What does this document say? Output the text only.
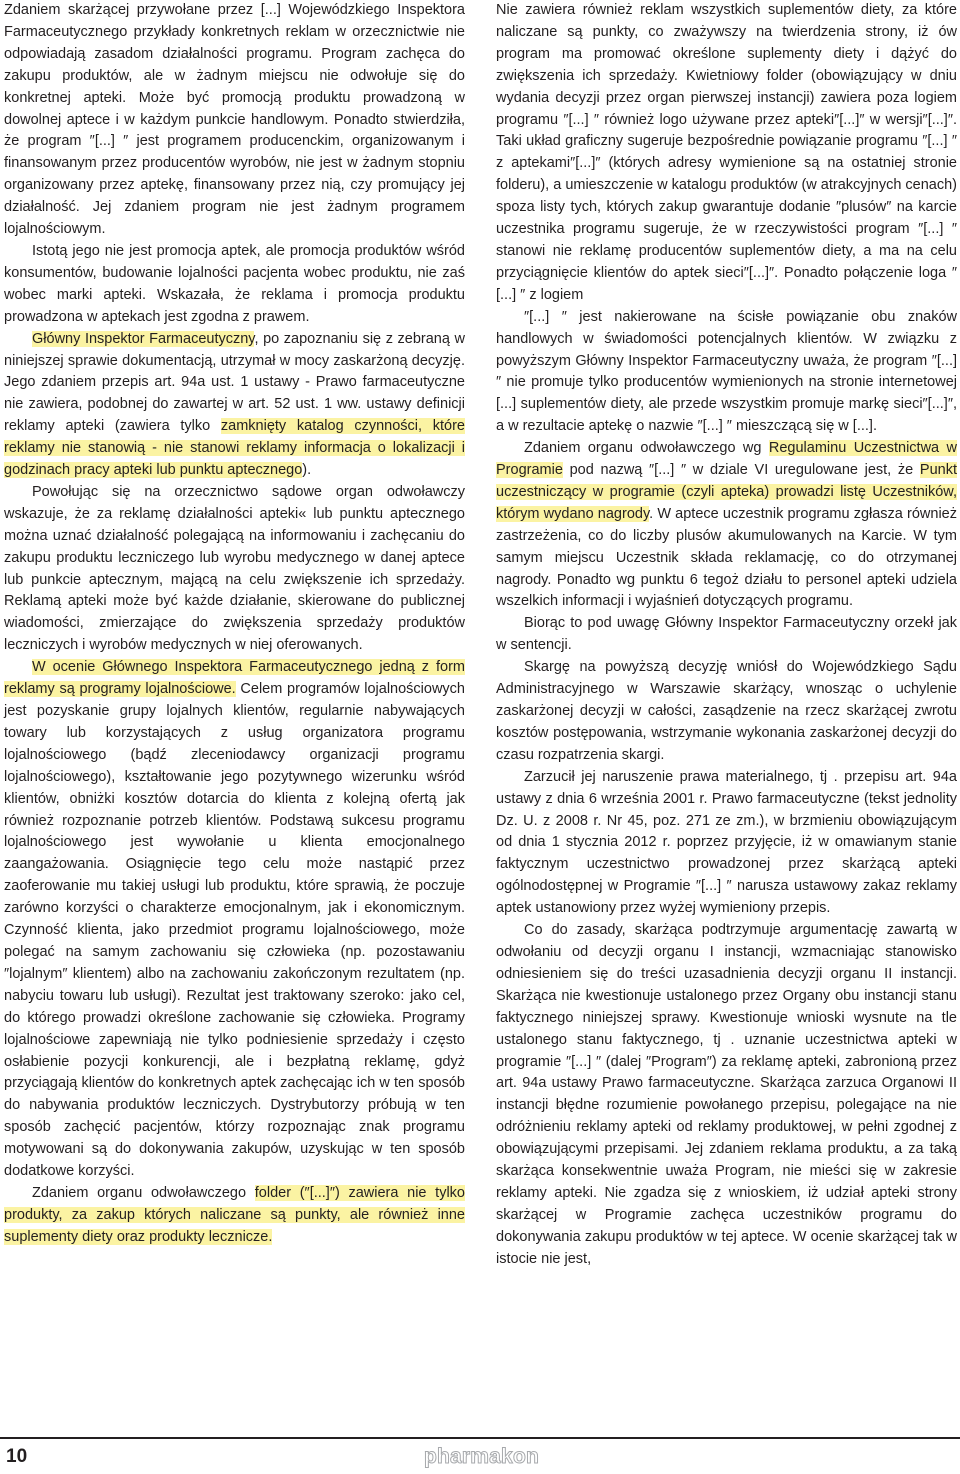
Zdaniem skarżącej przywołane przez [...] Wojewódzkiego Inspektora Farmaceutycznego przykłady konkretnych reklam w orzecznictwie nie odpowiadają zasadom działalności programu. Program zachęca do zakupu produktów, ale w żadnym miejscu nie odwołuje się do konkretnej apteki. Może być promocją produktu prowadzoną w dowolnej aptece i w każdym punkcie handlowym. Ponadto stwierdziła, że program ″[...] ″ jest programem producenckim, organizowanym i finansowanym przez producentów wyrobów, nie jest w żadnym stopniu organizowany przez aptekę, finansowany przez nią, czy promujący jej działalność. Jej zdaniem program nie jest żadnym programem lojalnościowym.

Istotą jego nie jest promocja aptek, ale promocja produktów wśród konsumentów, budowanie lojalności pacjenta wobec produktu, nie zaś wobec marki apteki. Wskazała, że reklama i promocja produktu prowadzona w aptekach jest zgodna z prawem.

Główny Inspektor Farmaceutyczny, po zapoznaniu się z zebraną w niniejszej sprawie dokumentacją, utrzymał w mocy zaskarżoną decyzję. Jego zdaniem przepis art. 94a ust. 1 ustawy - Prawo farmaceutyczne nie zawiera, podobnej do zawartej w art. 52 ust. 1 ww. ustawy definicji reklamy apteki (zawiera tylko zamknięty katalog czynności, które reklamy nie stanowią - nie stanowi reklamy informacja o lokalizacji i godzinach pracy apteki lub punktu aptecznego).

Powołując się na orzecznictwo sądowe organ odwoławczy wskazuje, że za reklamę działalności apteki« lub punktu aptecznego można uznać działalność polegającą na informowaniu i zachęcaniu do zakupu produktu leczniczego lub wyrobu medycznego w danej aptece lub punkcie aptecznym, mającą na celu zwiększenie ich sprzedaży. Reklamą apteki może być każde działanie, skierowane do publicznej wiadomości, zmierzające do zwiększenia sprzedaży produktów leczniczych i wyrobów medycznych w niej oferowanych.

W ocenie Głównego Inspektora Farmaceutycznego jedną z form reklamy są programy lojalnościowe. Celem programów lojalnościowych jest pozyskanie grupy lojalnych klientów, regularnie nabywających towary lub korzystających z usług organizatora programu lojalnościowego (bądź zleceniodawcy organizacji programu lojalnościowego), kształtowanie jego pozytywnego wizerunku wśród klientów, obniżki kosztów dotarcia do klienta z kolejną ofertą jak również rozpoznanie potrzeb klientów. Podstawą sukcesu programu lojalnościowego jest wywołanie u klienta emocjonalnego zaangażowania. Osiągnięcie tego celu może nastąpić przez zaoferowanie mu takiej usługi lub produktu, które sprawią, że poczuje zarówno korzyści o charakterze emocjonalnym, jak i ekonomicznym. Czynność klienta, jako przedmiot programu lojalnościowego, może polegać na samym zachowaniu się człowieka (np. pozostawaniu ″lojalnym″ klientem) albo na zachowaniu zakończonym rezultatem (np. nabyciu towaru lub usługi). Rezultat jest traktowany szeroko: jako cel, do którego prowadzi określone zachowanie się człowieka. Programy lojalnościowe zapewniają nie tylko podniesienie sprzedaży i często osłabienie pozycji konkurencji, ale i bezpłatną reklamę, gdyż przyciągają klientów do konkretnych aptek zachęcając ich w ten sposób do nabywania produktów leczniczych. Dystrybutorzy próbują w ten sposób zachęcić pacjentów, którzy rozpoznając znak programu motywowani są do dokonywania zakupów, uzyskując w ten sposób dodatkowe korzyści.

Zdaniem organu odwoławczego folder (″[...]″) zawiera nie tylko produkty, za zakup których naliczane są punkty, ale również inne suplementy diety oraz produkty lecznicze.

Nie zawiera również reklam wszystkich suplementów diety, za które naliczane są punkty, co zważywszy na twierdzenia strony, iż ów program ma promować określone suplementy diety i dążyć do zwiększenia ich sprzedaży. Kwietniowy folder (obowiązujący w dniu wydania decyzji przez organ pierwszej instancji) zawiera poza logiem programu ″[...] ″ również logo używane przez apteki″[...]″ w wersji″[...]″. Taki układ graficzny sugeruje bezpośrednie powiązanie programu ″[...] ″ z aptekami″[...]″ (których adresy wymienione są na ostatniej stronie folderu), a umieszczenie w katalogu produktów (w atrakcyjnych cenach) spoza listy tych, których zakup gwarantuje dodanie ″plusów″ na karcie uczestnika programu sugeruje, że w rzeczywistości program ″[...] ″ stanowi nie reklamę producentów suplementów diety, a ma na celu przyciągnięcie klientów do aptek sieci″[...]″. Ponadto połączenie loga ″[...] ″ z logiem

″[...] ″ jest nakierowane na ścisłe powiązanie obu znaków handlowych w świadomości potencjalnych klientów. W związku z powyższym Główny Inspektor Farmaceutyczny uważa, że program ″[...] ″ nie promuje tylko producentów wymienionych na stronie internetowej [...] suplementów diety, ale przede wszystkim promuje markę sieci″[...]″, a w rezultacie aptekę o nazwie ″[...] ″ mieszczącą się w [...].

Zdaniem organu odwoławczego wg Regulaminu Uczestnictwa w Programie pod nazwą ″[...] ″ w dziale VI uregulowane jest, że Punkt uczestniczący w programie (czyli apteka) prowadzi listę Uczestników, którym wydano nagrody. W aptece uczestnik programu zgłasza również zastrzeżenia, co do liczby plusów akumulowanych na Karcie. W tym samym miejscu Uczestnik składa reklamację, co do otrzymanej nagrody. Ponadto wg punktu 6 tegoż działu to personel apteki udziela wszelkich informacji i wyjaśnień dotyczących programu.

Biorąc to pod uwagę Główny Inspektor Farmaceutyczny orzekł jak w sentencji.

Skargę na powyższą decyzję wniósł do Wojewódzkiego Sądu Administracyjnego w Warszawie skarżący, wnosząc o uchylenie zaskarżonej decyzji w całości, zasądzenie na rzecz skarżącej zwrotu kosztów postępowania, wstrzymanie wykonania zaskarżonej decyzji do czasu rozpatrzenia skargi.

Zarzucił jej naruszenie prawa materialnego, tj . przepisu art. 94a ustawy z dnia 6 września 2001 r. Prawo farmaceutyczne (tekst jednolity Dz. U. z 2008 r. Nr 45, poz. 271 ze zm.), w brzmieniu obowiązującym od dnia 1 stycznia 2012 r. poprzez przyjęcie, iż w omawianym stanie faktycznym uczestnictwo prowadzonej przez skarżącą apteki ogólnodostępnej w Programie ″[...] ″ narusza ustawowy zakaz reklamy aptek ustanowiony przez wyżej wymieniony przepis.

Co do zasady, skarżąca podtrzymuje argumentację zawartą w odwołaniu od decyzji organu I instancji, wzmacniając stanowisko odniesieniem się do treści uzasadnienia decyzji organu II instancji. Skarżąca nie kwestionuje ustalonego przez Organy obu instancji stanu faktycznego niniejszej sprawy. Kwestionuje wnioski wysnute na tle ustalonego stanu faktycznego, tj . uznanie uczestnictwa apteki w programie ″[...] ″ (dalej ″Program″) za reklamę apteki, zabronioną przez art. 94a ustawy Prawo farmaceutyczne. Skarżąca zarzuca Organowi II instancji błędne rozumienie powołanego przepisu, polegające na nie odróżnieniu reklamy apteki od reklamy produktowej, w pełni zgodnej z obowiązującymi przepisami. Jej zdaniem reklama produktu, a za taką skarżąca konsekwentnie uważa Program, nie mieści się w zakresie reklamy apteki. Nie zgadza się z wnioskiem, iż udział apteki strony skarżącej w Programie zachęca uczestników programu do dokonywania zakupu produktów w tej aptece. W ocenie skarżącej tak w istocie nie jest,

10	pharmakon
